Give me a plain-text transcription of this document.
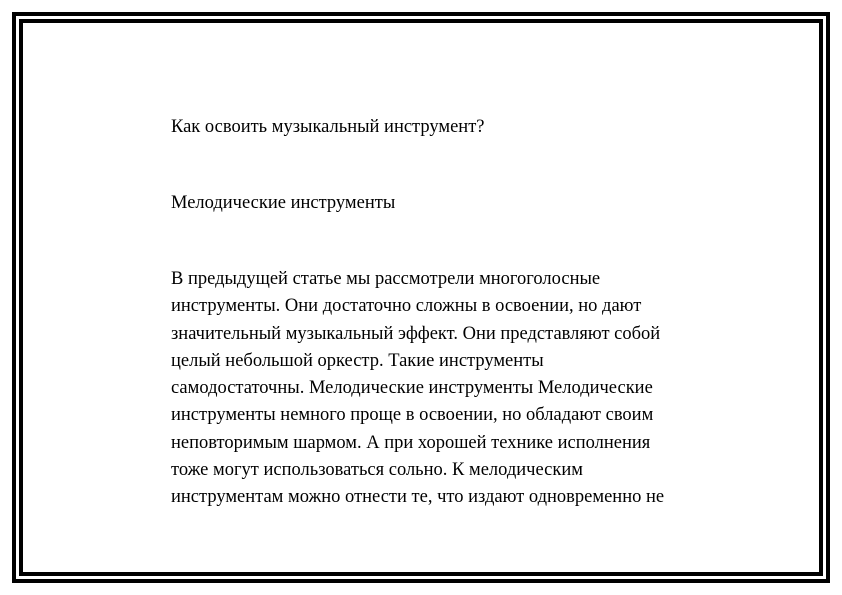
Как освоить музыкальный инструмент?
Мелодические инструменты
В предыдущей статье мы рассмотрели многоголосные
инструменты. Они достаточно сложны в освоении, но дают
значительный музыкальный эффект. Они представляют собой
целый небольшой оркестр. Такие инструменты
самодостаточны. Мелодические инструменты Мелодические
инструменты немного проще в освоении, но обладают своим
неповторимым шармом. А при хорошей технике исполнения
тоже могут использоваться сольно. К мелодическим
инструментам можно отнести те, что издают одновременно не
